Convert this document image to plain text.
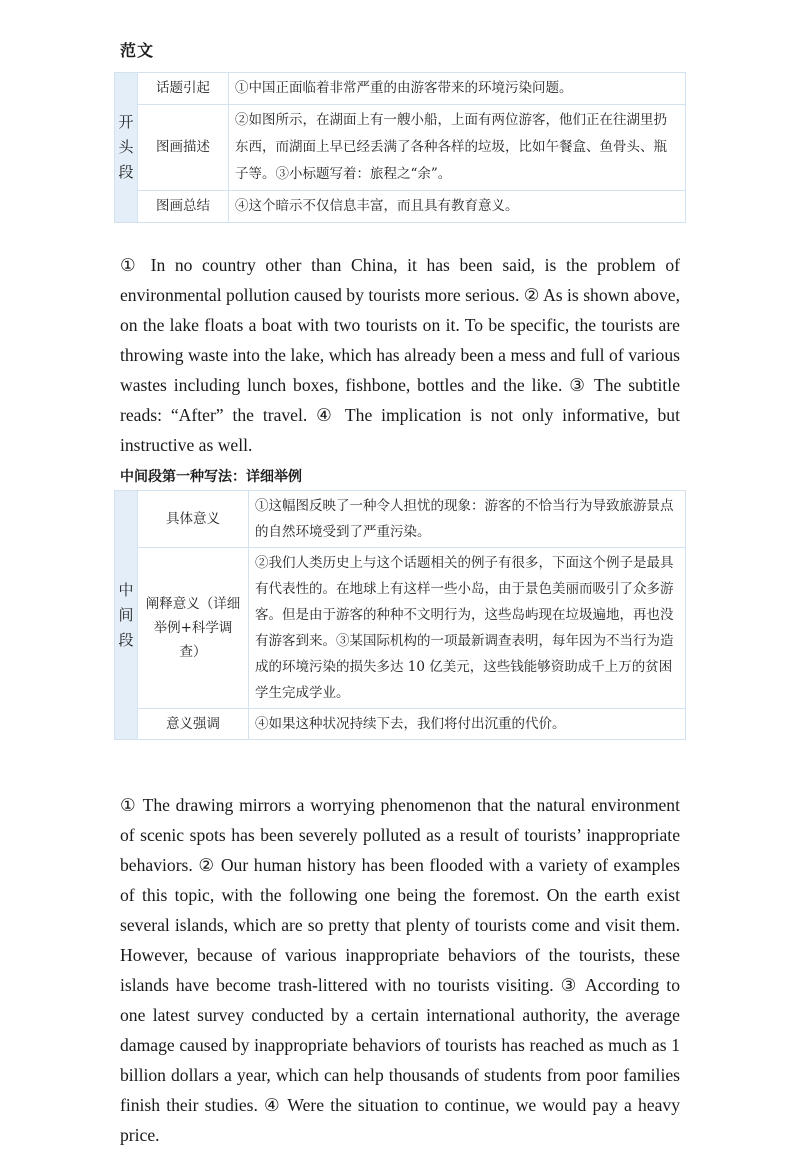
范文
开
头
段	话题引起	①中国正面临着非常严重的由游客带来的环境污染问题。
	图画描述	②如图所示，在湖面上有一艘小船，上面有两位游客，他们正在往湖里扔东西，而湖面上早已经丢满了各种各样的垃圾，比如午餐盒、鱼骨头、瓶子等。③小标题写着：旅程之“余”。
	图画总结	④这个暗示不仅信息丰富，而且具有教育意义。

① In no country other than China, it has been said, is the problem of environmental pollution caused by tourists more serious. ② As is shown above, on the lake floats a boat with two tourists on it. To be specific, the tourists are throwing waste into the lake, which has already been a mess and full of various wastes including lunch boxes, fishbone, bottles and the like. ③ The subtitle reads: “After” the travel. ④ The implication is not only informative, but instructive as well.

中间段第一种写法：详细举例
中
间
段	具体意义	①这幅图反映了一种令人担忧的现象：游客的不恰当行为导致旅游景点的自然环境受到了严重污染。
	阐释意义（详细举例+科学调查）	②我们人类历史上与这个话题相关的例子有很多，下面这个例子是最具有代表性的。在地球上有这样一些小岛，由于景色美丽而吸引了众多游客。但是由于游客的种种不文明行为，这些岛屿现在垃圾遍地，再也没有游客到来。③某国际机构的一项最新调查表明，每年因为不当行为造成的环境污染的损失多达 10 亿美元，这些钱能够资助成千上万的贫困学生完成学业。
	意义强调	④如果这种状况持续下去，我们将付出沉重的代价。

① The drawing mirrors a worrying phenomenon that the natural environment of scenic spots has been severely polluted as a result of tourists’ inappropriate behaviors. ② Our human history has been flooded with a variety of examples of this topic, with the following one being the foremost. On the earth exist several islands, which are so pretty that plenty of tourists come and visit them. However, because of various inappropriate behaviors of the tourists, these islands have become trash-littered with no tourists visiting. ③ According to one latest survey conducted by a certain international authority, the average damage caused by inappropriate behaviors of tourists has reached as much as 1 billion dollars a year, which can help thousands of students from poor families finish their studies. ④ Were the situation to continue, we would pay a heavy price.
